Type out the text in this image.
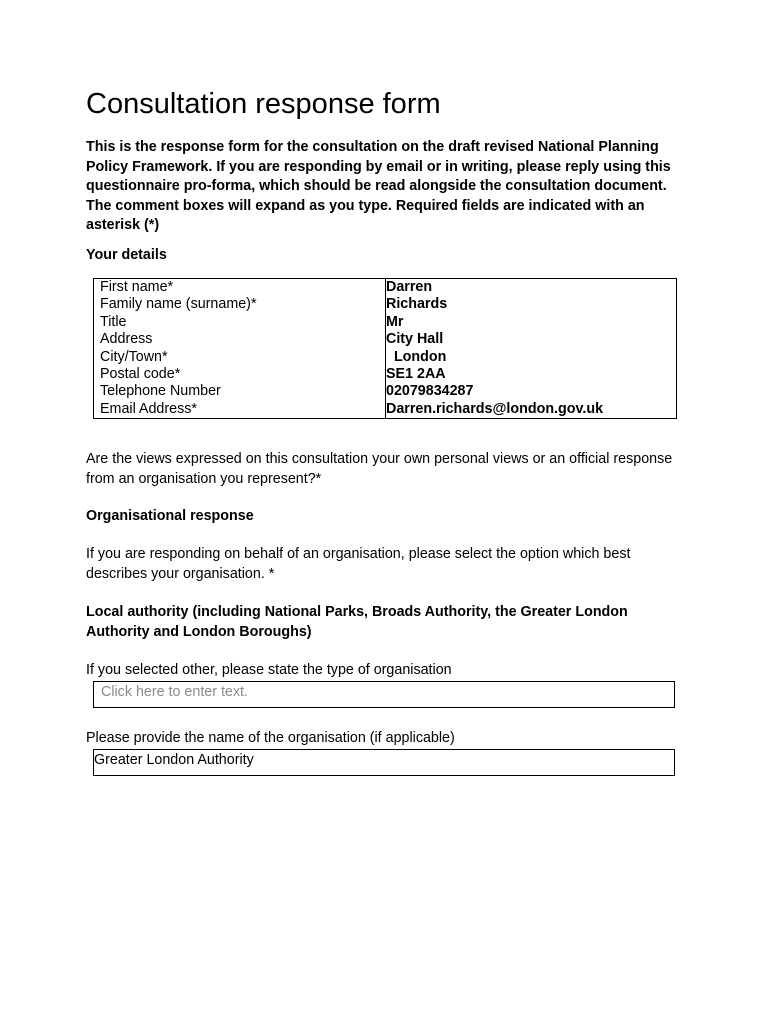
Consultation response form

This is the response form for the consultation on the draft revised National Planning Policy Framework. If you are responding by email or in writing, please reply using this questionnaire pro-forma, which should be read alongside the consultation document. The comment boxes will expand as you type. Required fields are indicated with an asterisk (*)

Your details

First name*	Darren
Family name (surname)*	Richards
Title	Mr
Address	City Hall
City/Town*	London
Postal code*	SE1 2AA
Telephone Number	02079834287
Email Address*	Darren.richards@london.gov.uk

Are the views expressed on this consultation your own personal views or an official response from an organisation you represent?*

Organisational response

If you are responding on behalf of an organisation, please select the option which best describes your organisation. *

Local authority (including National Parks, Broads Authority, the Greater London Authority and London Boroughs)

If you selected other, please state the type of organisation

Click here to enter text.

Please provide the name of the organisation (if applicable)

Greater London Authority
